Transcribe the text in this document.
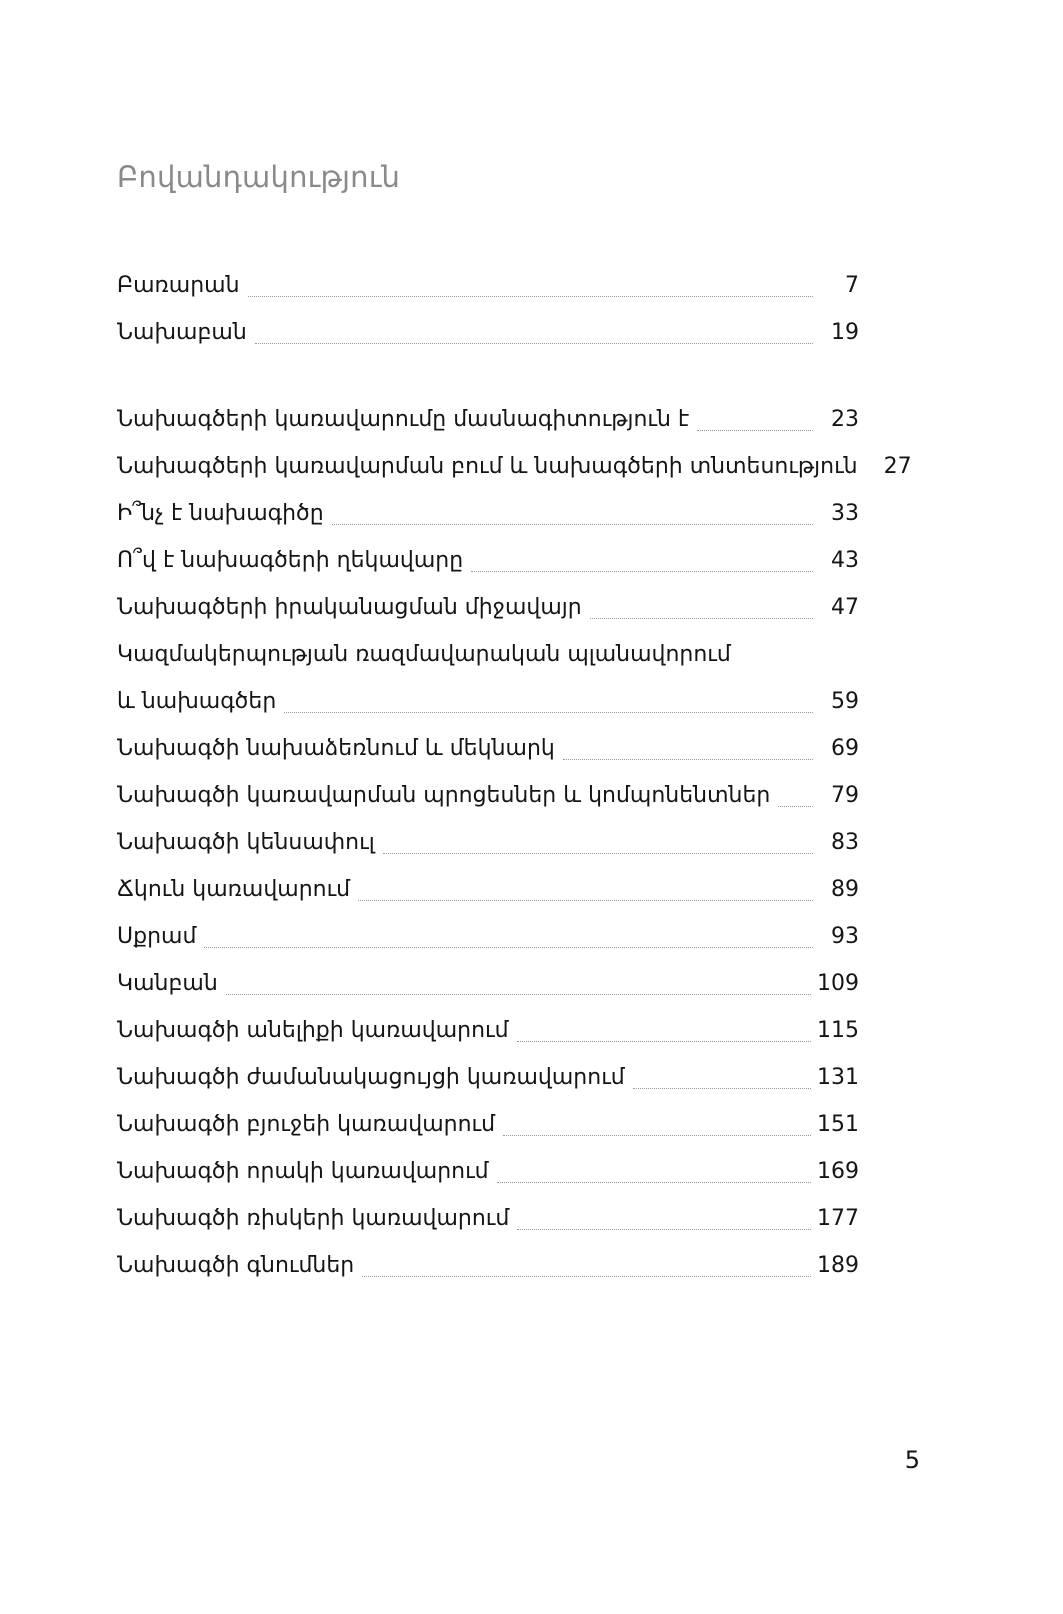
Բովանդակություն
Բառարան	7
Նախաբան	19
Նախագծերի կառավարումը մասնագիտություն է	23
Նախագծերի կառավարման բում և նախագծերի տնտեսություն	27
Ի՞նչ է նախագիծը	33
Ո՞վ է նախագծերի ղեկավարը	43
Նախագծերի իրականացման միջավայր	47
Կազմակերպության ռազմավարական պլանավորում
և նախագծեր	59
Նախագծի նախաձեռնում և մեկնարկ	69
Նախագծի կառավարման պրոցեսներ և կոմպոնենտներ	79
Նախագծի կենսափուլ	83
Ճկուն կառավարում	89
Սքրամ	93
Կանբան	109
Նախագծի անելիքի կառավարում	115
Նախագծի ժամանակացույցի կառավարում	131
Նախագծի բյուջեի կառավարում	151
Նախագծի որակի կառավարում	169
Նախագծի ռիսկերի կառավարում	177
Նախագծի գնումներ	189
5
